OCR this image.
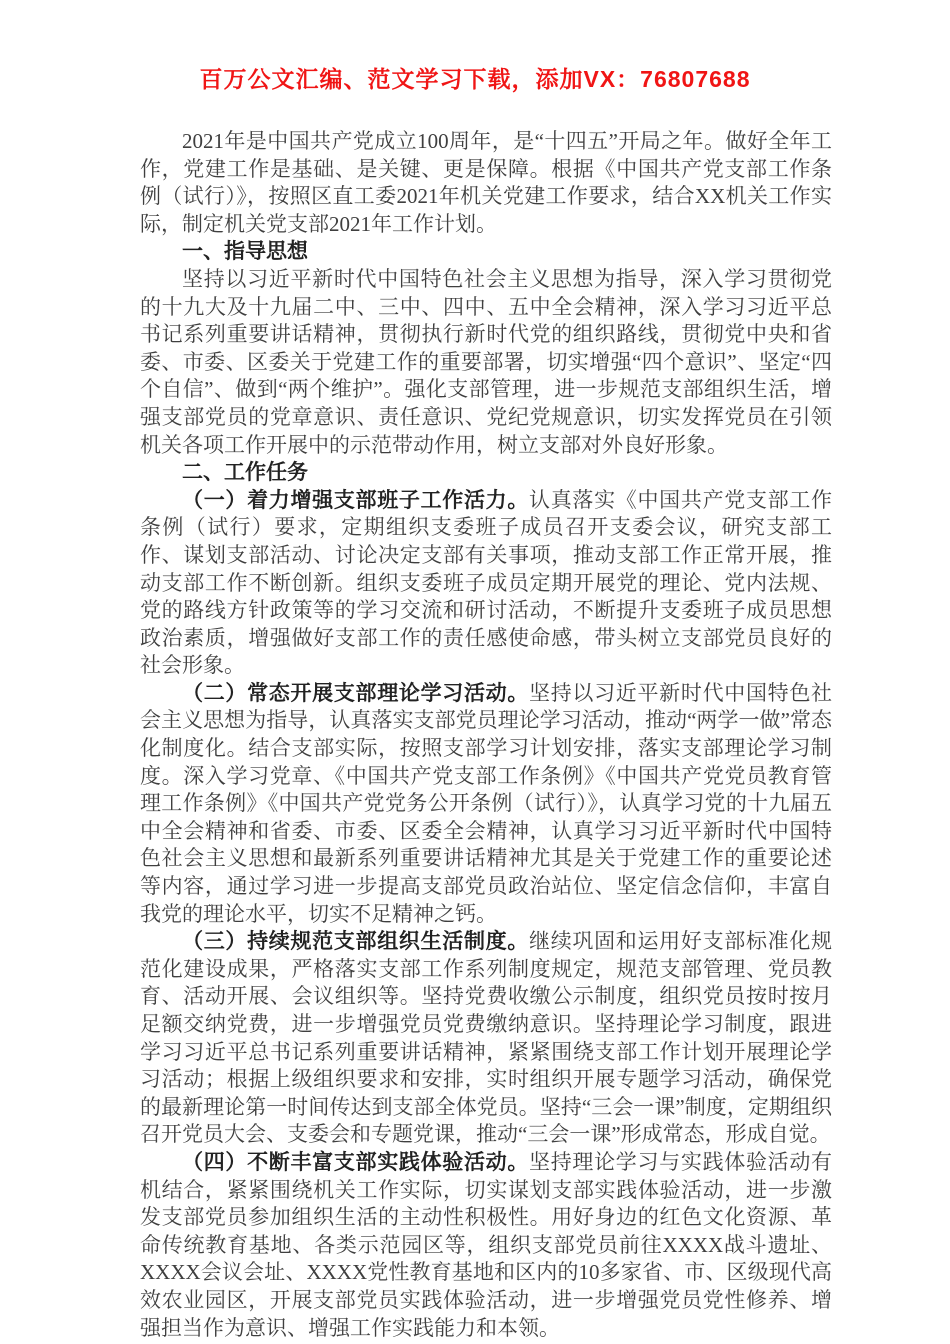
百万公文汇编、范文学习下载，添加VX：76807688

2021年是中国共产党成立100周年，是“十四五”开局之年。做好全年工作，党建工作是基础、是关键、更是保障。根据《中国共产党支部工作条例（试行）》，按照区直工委2021年机关党建工作要求，结合XX机关工作实际，制定机关党支部2021年工作计划。

一、指导思想

坚持以习近平新时代中国特色社会主义思想为指导，深入学习贯彻党的十九大及十九届二中、三中、四中、五中全会精神，深入学习习近平总书记系列重要讲话精神，贯彻执行新时代党的组织路线，贯彻党中央和省委、市委、区委关于党建工作的重要部署，切实增强“四个意识”、坚定“四个自信”、做到“两个维护”。强化支部管理，进一步规范支部组织生活，增强支部党员的党章意识、责任意识、党纪党规意识，切实发挥党员在引领机关各项工作开展中的示范带动作用，树立支部对外良好形象。

二、工作任务

（一）着力增强支部班子工作活力。认真落实《中国共产党支部工作条例（试行）要求，定期组织支委班子成员召开支委会议，研究支部工作、谋划支部活动、讨论决定支部有关事项，推动支部工作正常开展，推动支部工作不断创新。组织支委班子成员定期开展党的理论、党内法规、党的路线方针政策等的学习交流和研讨活动，不断提升支委班子成员思想政治素质，增强做好支部工作的责任感使命感，带头树立支部党员良好的社会形象。

（二）常态开展支部理论学习活动。坚持以习近平新时代中国特色社会主义思想为指导，认真落实支部党员理论学习活动，推动“两学一做”常态化制度化。结合支部实际，按照支部学习计划安排，落实支部理论学习制度。深入学习党章、《中国共产党支部工作条例》《中国共产党党员教育管理工作条例》《中国共产党党务公开条例（试行）》，认真学习党的十九届五中全会精神和省委、市委、区委全会精神，认真学习习近平新时代中国特色社会主义思想和最新系列重要讲话精神尤其是关于党建工作的重要论述等内容，通过学习进一步提高支部党员政治站位、坚定信念信仰，丰富自我党的理论水平，切实不足精神之钙。

（三）持续规范支部组织生活制度。继续巩固和运用好支部标准化规范化建设成果，严格落实支部工作系列制度规定，规范支部管理、党员教育、活动开展、会议组织等。坚持党费收缴公示制度，组织党员按时按月足额交纳党费，进一步增强党员党费缴纳意识。坚持理论学习制度，跟进学习习近平总书记系列重要讲话精神，紧紧围绕支部工作计划开展理论学习活动；根据上级组织要求和安排，实时组织开展专题学习活动，确保党的最新理论第一时间传达到支部全体党员。坚持“三会一课”制度，定期组织召开党员大会、支委会和专题党课，推动“三会一课”形成常态，形成自觉。

（四）不断丰富支部实践体验活动。坚持理论学习与实践体验活动有机结合，紧紧围绕机关工作实际，切实谋划支部实践体验活动，进一步激发支部党员参加组织生活的主动性积极性。用好身边的红色文化资源、革命传统教育基地、各类示范园区等，组织支部党员前往XXXX战斗遗址、XXXX会议会址、XXXX党性教育基地和区内的10多家省、市、区级现代高效农业园区，开展支部党员实践体验活动，进一步增强党员党性修养、增强担当作为意识、增强工作实践能力和本领。
